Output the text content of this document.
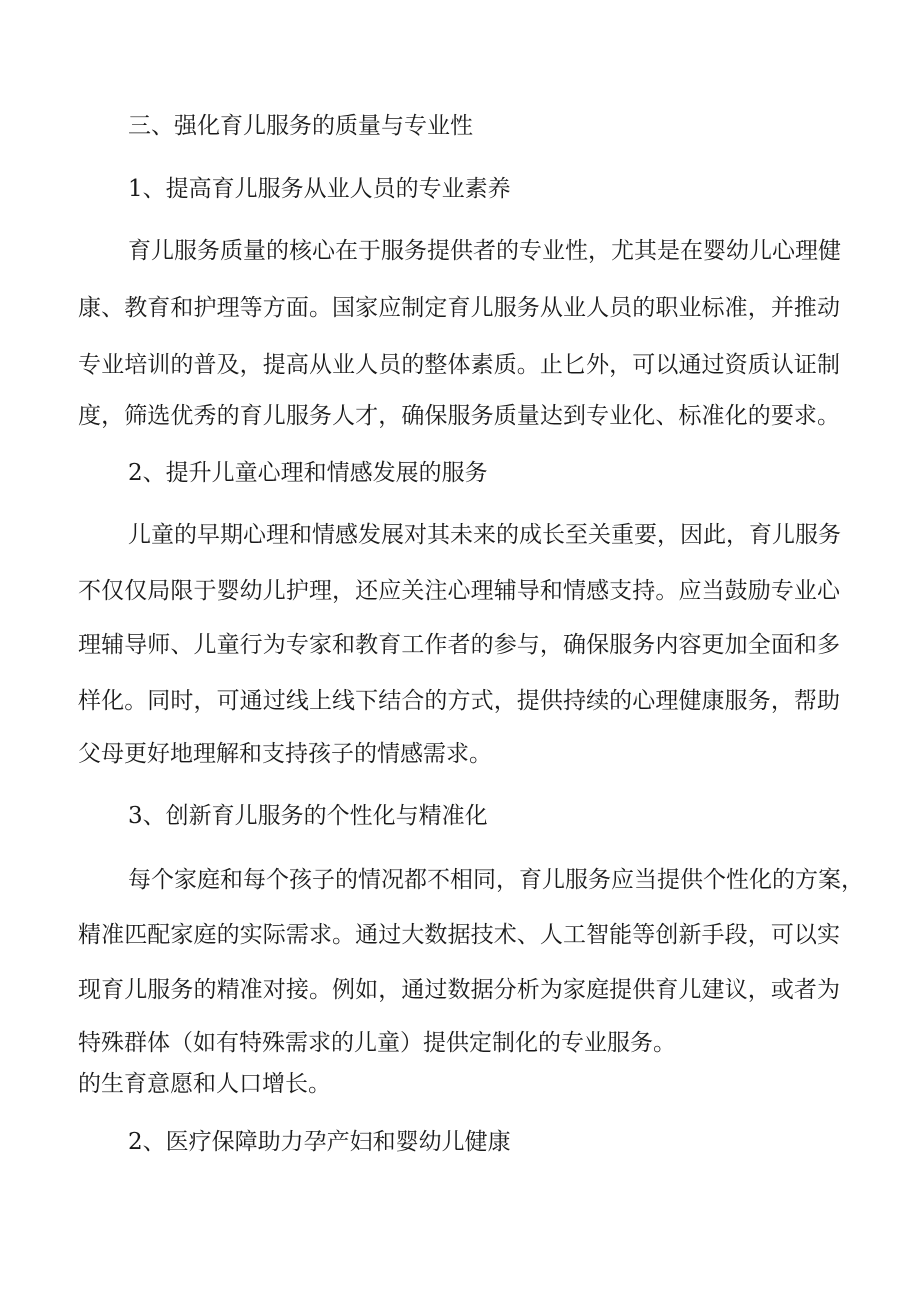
三、强化育儿服务的质量与专业性

1、提高育儿服务从业人员的专业素养

育儿服务质量的核心在于服务提供者的专业性，尤其是在婴幼儿心理健

康、教育和护理等方面。国家应制定育儿服务从业人员的职业标准，并推动

专业培训的普及，提高从业人员的整体素质。止匕外，可以通过资质认证制

度，筛选优秀的育儿服务人才，确保服务质量达到专业化、标准化的要求。

2、提升儿童心理和情感发展的服务

儿童的早期心理和情感发展对其未来的成长至关重要，因此，育儿服务

不仅仅局限于婴幼儿护理，还应关注心理辅导和情感支持。应当鼓励专业心

理辅导师、儿童行为专家和教育工作者的参与，确保服务内容更加全面和多

样化。同时，可通过线上线下结合的方式，提供持续的心理健康服务，帮助

父母更好地理解和支持孩子的情感需求。

3、创新育儿服务的个性化与精准化

每个家庭和每个孩子的情况都不相同，育儿服务应当提供个性化的方案，

精准匹配家庭的实际需求。通过大数据技术、人工智能等创新手段，可以实

现育儿服务的精准对接。例如，通过数据分析为家庭提供育儿建议，或者为

特殊群体（如有特殊需求的儿童）提供定制化的专业服务。

的生育意愿和人口增长。

2、医疗保障助力孕产妇和婴幼儿健康
